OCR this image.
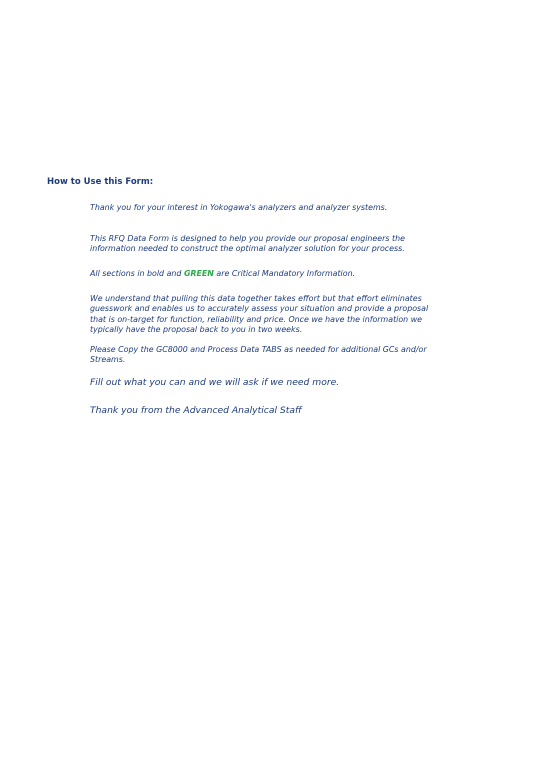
How to Use this Form:

Thank you for your interest in Yokogawa's analyzers and analyzer systems.

This RFQ Data Form is designed to help you provide our proposal engineers the information needed to construct the optimal analyzer solution for your process.

All sections in bold and GREEN are Critical Mandatory Information.

We understand that pulling this data together takes effort but that effort eliminates guesswork and enables us to accurately assess your situation and provide a proposal that is on-target for function, reliability and price. Once we have the information we typically have the proposal back to you in two weeks.

Please Copy the GC8000 and Process Data TABS as needed for additional GCs and/or Streams.

Fill out what you can and we will ask if we need more.

Thank you from the Advanced Analytical Staff
